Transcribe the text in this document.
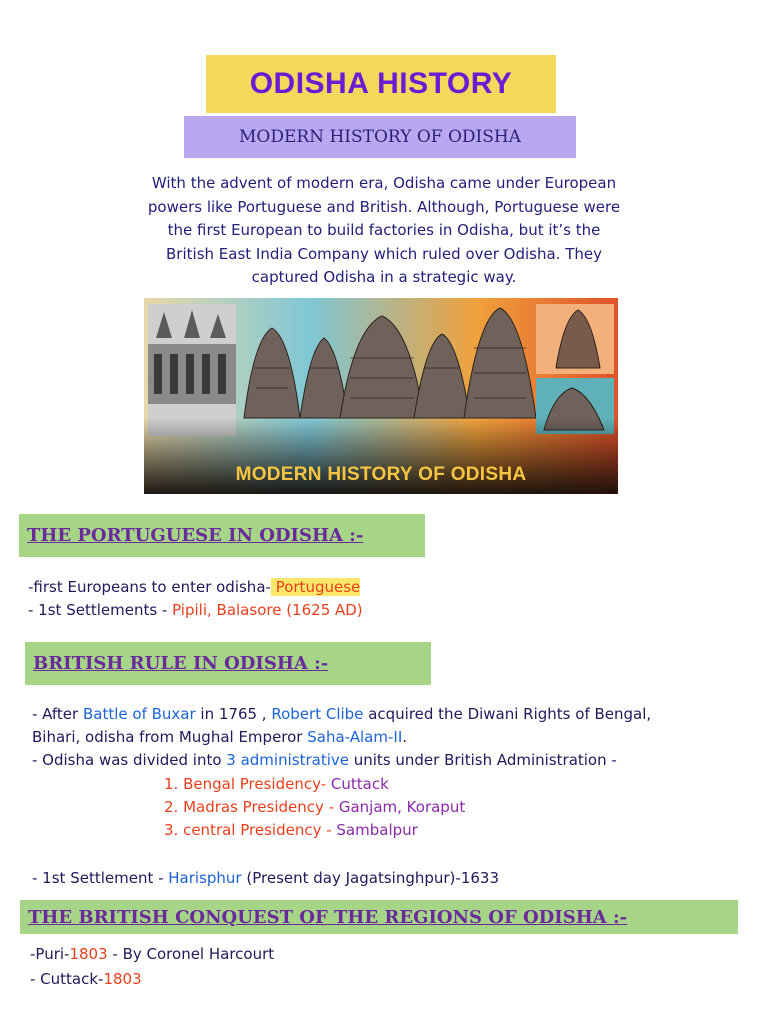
ODISHA HISTORY
MODERN HISTORY OF ODISHA
With the advent of modern era, Odisha came under European
powers like Portuguese and British. Although, Portuguese were
the first European to build factories in Odisha, but it’s the
British East India Company which ruled over Odisha. They
captured Odisha in a strategic way.
MODERN HISTORY OF ODISHA
THE PORTUGUESE IN ODISHA :-
-first Europeans to enter odisha- Portuguese
- 1st Settlements - Pipili, Balasore (1625 AD)
BRITISH RULE IN ODISHA :-
- After Battle of Buxar in 1765 , Robert Clibe acquired the Diwani Rights of Bengal,
Bihari, odisha from Mughal Emperor Saha-Alam-II.
- Odisha was divided into 3 administrative units under British Administration -
1. Bengal Presidency- Cuttack
2. Madras Presidency - Ganjam, Koraput
3. central Presidency - Sambalpur
- 1st Settlement - Harisphur (Present day Jagatsinghpur)-1633
THE BRITISH CONQUEST OF THE REGIONS OF ODISHA :-
-Puri-1803 - By Coronel Harcourt
- Cuttack-1803
